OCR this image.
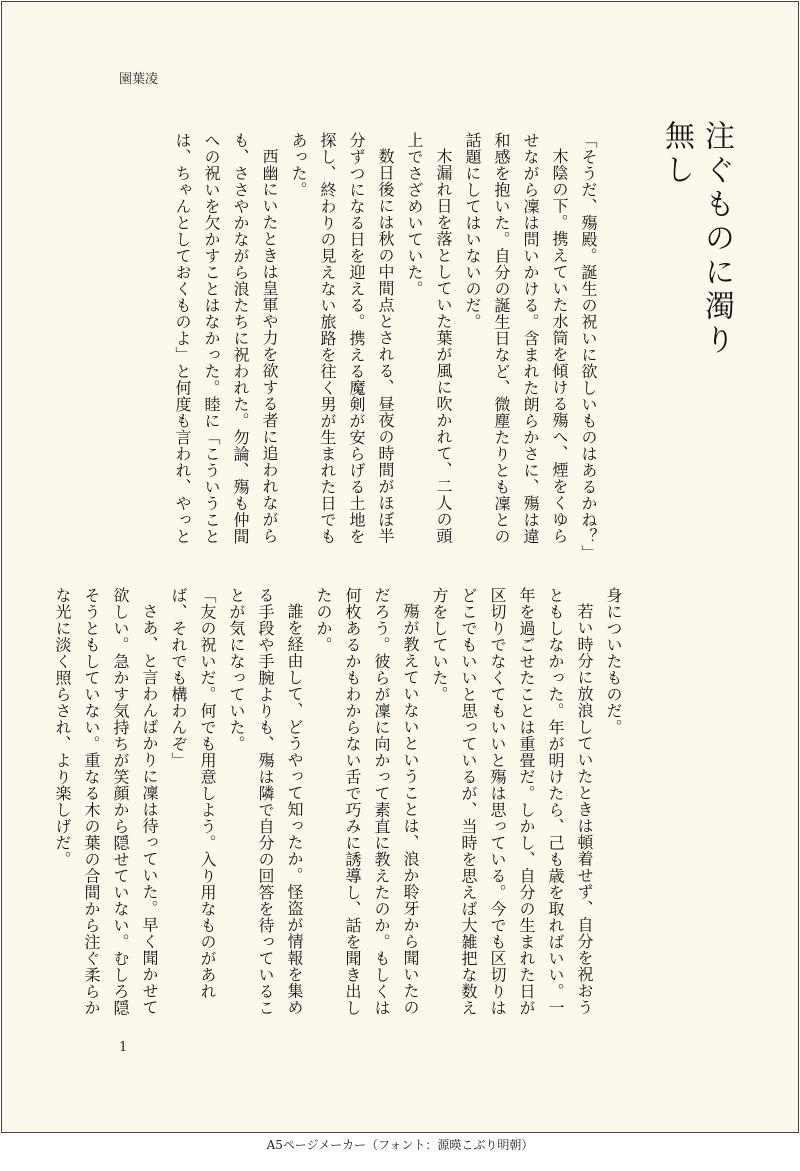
園葉凌

注ぐものに濁り無し

「そうだ、殤殿。誕生の祝いに欲しいものはあるかね？」

木陰の下。携えていた水筒を傾ける殤へ、煙をくゆらせながら凜は問いかける。含まれた朗らかさに、殤は違和感を抱いた。自分の誕生日など、微塵たりとも凜との話題にしてはいないのだ。

木漏れ日を落としていた葉が風に吹かれて、二人の頭上でさざめいていた。

数日後には秋の中間点とされる、昼夜の時間がほぼ半分ずつになる日を迎える。携える魔剣が安らげる土地を探し、終わりの見えない旅路を往く男が生まれた日でもあった。

西幽にいたときは皇軍や力を欲する者に追われながらも、ささやかながら浪たちに祝われた。勿論、殤も仲間への祝いを欠かすことはなかった。睦に「こういうことは、ちゃんとしておくものよ」と何度も言われ、やっと

身についたものだ。

若い時分に放浪していたときは頓着せず、自分を祝おうともしなかった。年が明けたら、己も歳を取ればいい。一年を過ごせたことは重畳だ。しかし、自分の生まれた日が区切りでなくてもいいと殤は思っている。今でも区切りはどこでもいいと思っているが、当時を思えば大雑把な数え方をしていた。

殤が教えていないということは、浪か聆牙から聞いたのだろう。彼らが凜に向かって素直に教えたのか。もしくは何枚あるかもわからない舌で巧みに誘導し、話を聞き出したのか。

誰を経由して、どうやって知ったか。怪盗が情報を集める手段や手腕よりも、殤は隣で自分の回答を待っていることが気になっていた。

「友の祝いだ。何でも用意しよう。入り用なものがあれば、それでも構わんぞ」

さあ、と言わんばかりに凜は待っていた。早く聞かせて欲しい。急かす気持ちが笑顔から隠せていない。むしろ隠そうともしていない。重なる木の葉の合間から注ぐ柔らかな光に淡く照らされ、より楽しげだ。

1
A5ページメーカー（フォント：源暎こぶり明朝）
